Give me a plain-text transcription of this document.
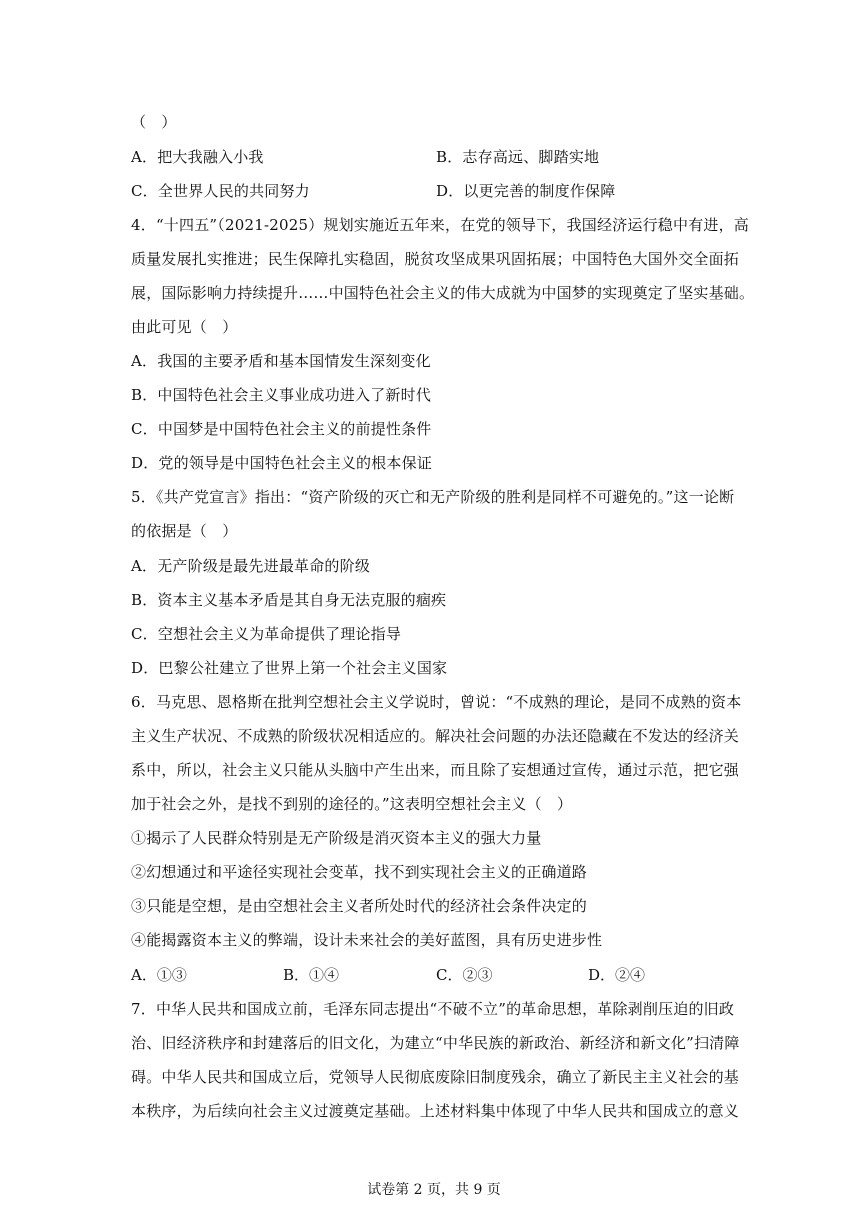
（　）
A．把大我融入小我	B．志存高远、脚踏实地
C．全世界人民的共同努力	D．以更完善的制度作保障
4．“十四五”（2021-2025）规划实施近五年来，在党的领导下，我国经济运行稳中有进，高
质量发展扎实推进；民生保障扎实稳固，脱贫攻坚成果巩固拓展；中国特色大国外交全面拓
展，国际影响力持续提升……中国特色社会主义的伟大成就为中国梦的实现奠定了坚实基础。
由此可见（　）
A．我国的主要矛盾和基本国情发生深刻变化
B．中国特色社会主义事业成功进入了新时代
C．中国梦是中国特色社会主义的前提性条件
D．党的领导是中国特色社会主义的根本保证
5．《共产党宣言》指出：“资产阶级的灭亡和无产阶级的胜利是同样不可避免的。”这一论断
的依据是（　）
A．无产阶级是最先进最革命的阶级
B．资本主义基本矛盾是其自身无法克服的痼疾
C．空想社会主义为革命提供了理论指导
D．巴黎公社建立了世界上第一个社会主义国家
6．马克思、恩格斯在批判空想社会主义学说时，曾说：“不成熟的理论，是同不成熟的资本
主义生产状况、不成熟的阶级状况相适应的。解决社会问题的办法还隐藏在不发达的经济关
系中，所以，社会主义只能从头脑中产生出来，而且除了妄想通过宣传，通过示范，把它强
加于社会之外，是找不到别的途径的。”这表明空想社会主义（　）
①揭示了人民群众特别是无产阶级是消灭资本主义的强大力量
②幻想通过和平途径实现社会变革，找不到实现社会主义的正确道路
③只能是空想，是由空想社会主义者所处时代的经济社会条件决定的
④能揭露资本主义的弊端，设计未来社会的美好蓝图，具有历史进步性
A．①③	B．①④	C．②③	D．②④
7．中华人民共和国成立前，毛泽东同志提出“不破不立”的革命思想，革除剥削压迫的旧政
治、旧经济秩序和封建落后的旧文化，为建立“中华民族的新政治、新经济和新文化”扫清障
碍。中华人民共和国成立后，党领导人民彻底废除旧制度残余，确立了新民主主义社会的基
本秩序，为后续向社会主义过渡奠定基础。上述材料集中体现了中华人民共和国成立的意义
试卷第 2 页，共 9 页
